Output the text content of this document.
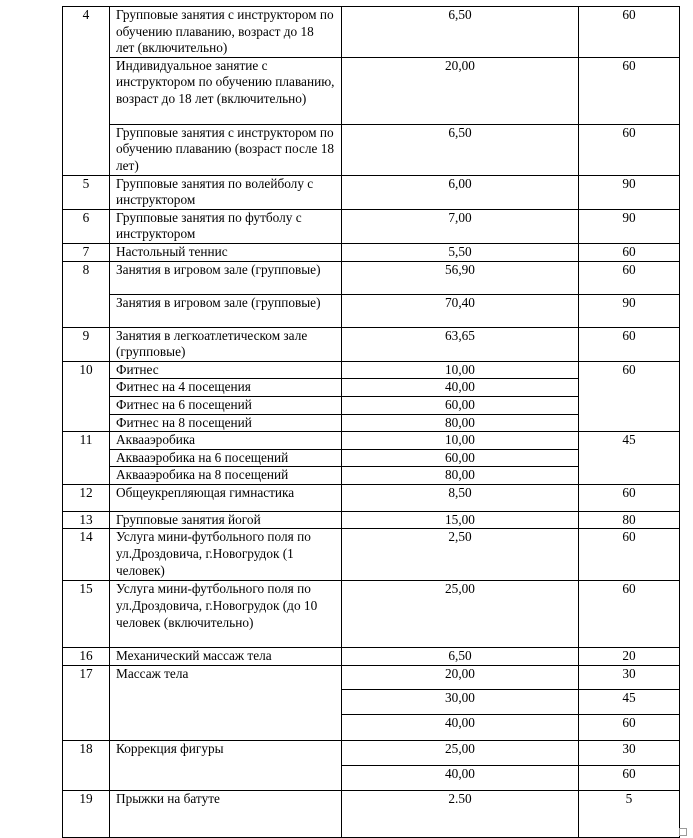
4	Групповые занятия с инструктором по обучению плаванию, возраст до 18 лет (включительно)	6,50	60
	Индивидуальное занятие с инструктором по обучению плаванию, возраст до 18 лет (включительно)	20,00	60
	Групповые занятия с инструктором по обучению плаванию (возраст после 18 лет)	6,50	60
5	Групповые занятия по волейболу с инструктором	6,00	90
6	Групповые занятия по футболу с инструктором	7,00	90
7	Настольный теннис	5,50	60
8	Занятия в игровом зале (групповые)	56,90	60
	Занятия в игровом зале (групповые)	70,40	90
9	Занятия в легкоатлетическом зале (групповые)	63,65	60
10	Фитнес	10,00	60
	Фитнес на 4 посещения	40,00	
	Фитнес на 6 посещений	60,00	
	Фитнес на 8 посещений	80,00	
11	Аквааэробика	10,00	45
	Аквааэробика на 6 посещений	60,00	
	Аквааэробика на 8 посещений	80,00	
12	Общеукрепляющая гимнастика	8,50	60
13	Групповые занятия йогой	15,00	80
14	Услуга мини-футбольного поля по ул.Дроздовича, г.Новогрудок (1 человек)	2,50	60
15	Услуга мини-футбольного поля по ул.Дроздовича, г.Новогрудок (до 10 человек (включительно)	25,00	60
16	Механический массаж тела	6,50	20
17	Массаж тела	20,00	30
		30,00	45
		40,00	60
18	Коррекция фигуры	25,00	30
		40,00	60
19	Прыжки на батуте	2.50	5
